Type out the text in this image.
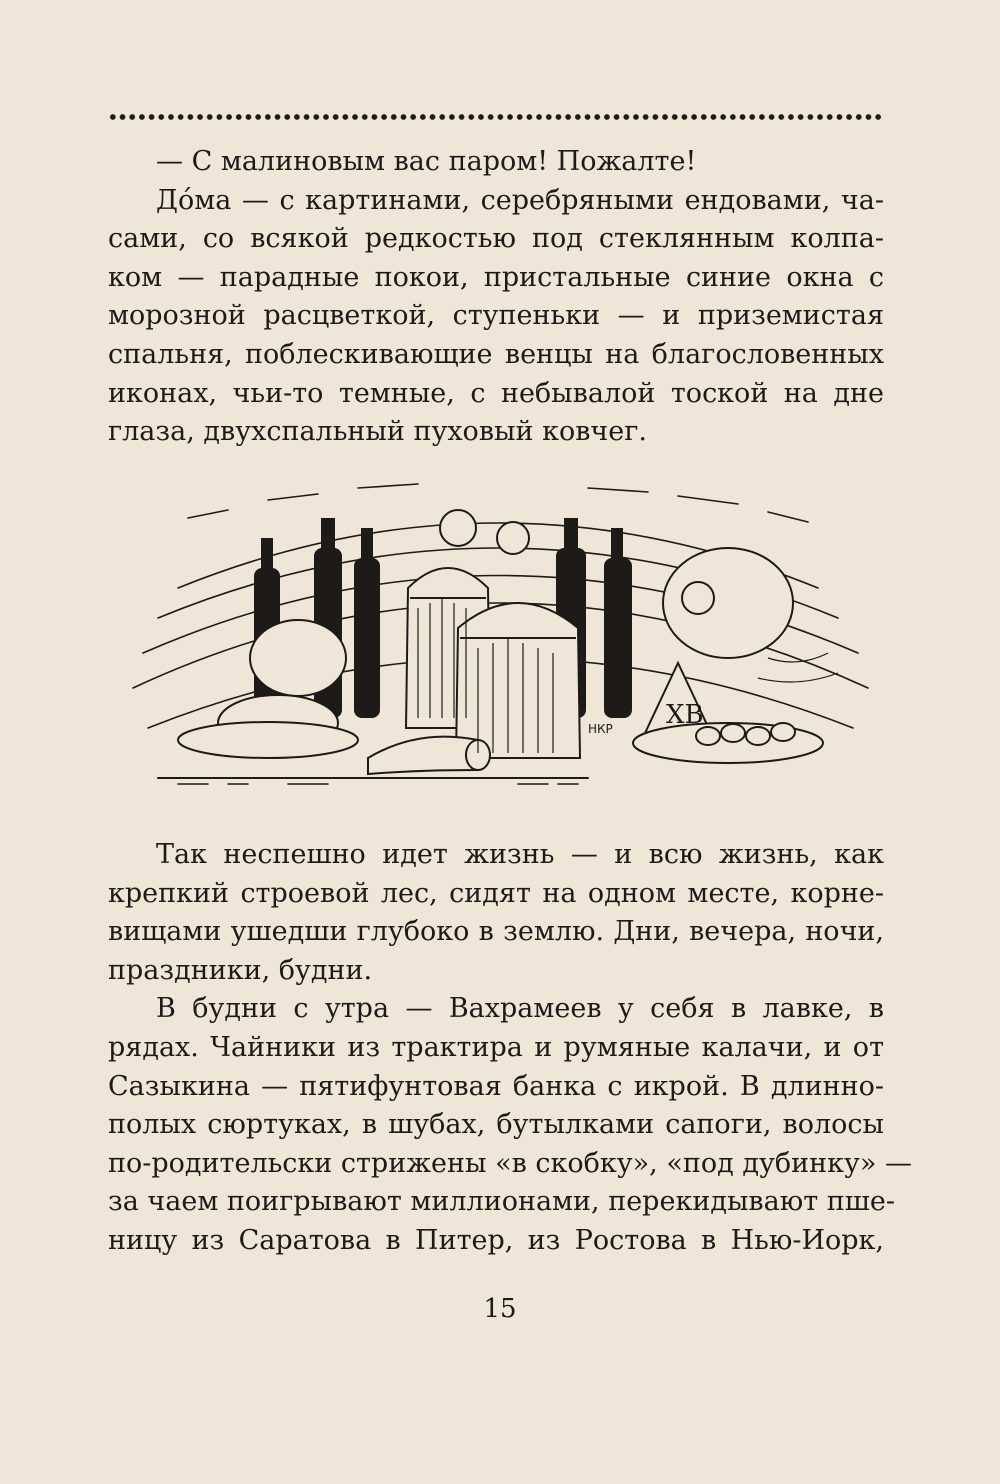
— С малиновым вас паром! Пожалте!
До́ма — с картинами, серебряными ендовами, ча-
сами, со всякой редкостью под стеклянным колпа-
ком — парадные покои, пристальные синие окна с
морозной расцветкой, ступеньки — и приземистая
спальня, поблескивающие венцы на благословенных
иконах, чьи-то темные, с небывалой тоской на дне
глаза, двухспальный пуховый ковчег.
ХВ
НКР
Так неспешно идет жизнь — и всю жизнь, как
крепкий строевой лес, сидят на одном месте, корне-
вищами ушедши глубоко в землю. Дни, вечера, ночи,
праздники, будни.
В будни с утра — Вахрамеев у себя в лавке, в
рядах. Чайники из трактира и румяные калачи, и от
Сазыкина — пятифунтовая банка с икрой. В длинно-
полых сюртуках, в шубах, бутылками сапоги, волосы
по-родительски стрижены «в скобку», «под дубинку» —
за чаем поигрывают миллионами, перекидывают пше-
ницу из Саратова в Питер, из Ростова в Нью-Иорк,
15
